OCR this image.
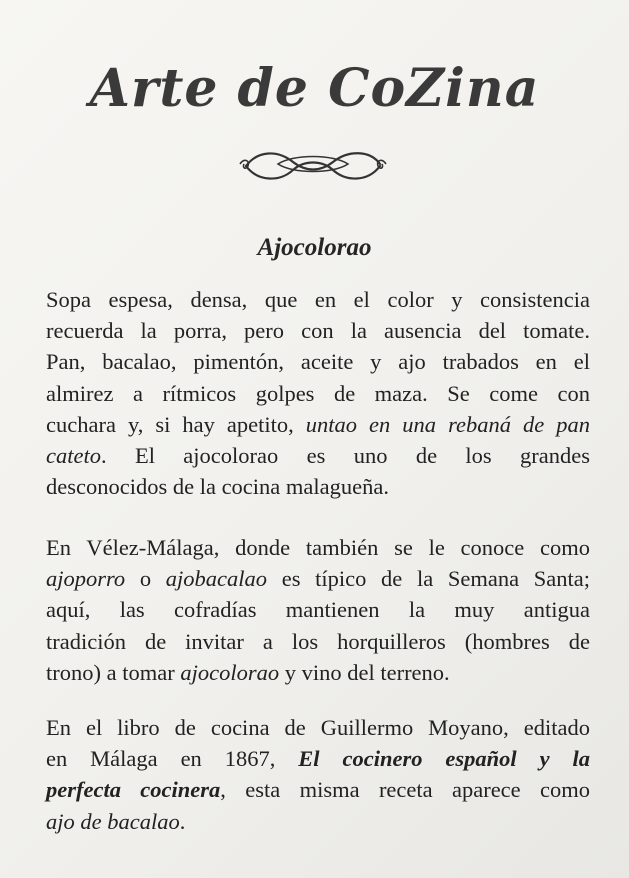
Arte de CoZina
Ajocolorao
Sopa espesa, densa, que en el color y consistencia
recuerda la porra, pero con la ausencia del tomate.
Pan, bacalao, pimentón, aceite y ajo trabados en el
almirez a rítmicos golpes de maza. Se come con
cuchara y, si hay apetito, untao en una rebaná de pan
cateto. El ajocolorao es uno de los grandes
desconocidos de la cocina malagueña.
En Vélez-Málaga, donde también se le conoce como
ajoporro o ajobacalao es típico de la Semana Santa;
aquí, las cofradías mantienen la muy antigua
tradición de invitar a los horquilleros (hombres de
trono) a tomar ajocolorao y vino del terreno.
En el libro de cocina de Guillermo Moyano, editado
en Málaga en 1867, El cocinero español y la
perfecta cocinera, esta misma receta aparece como
ajo de bacalao.
